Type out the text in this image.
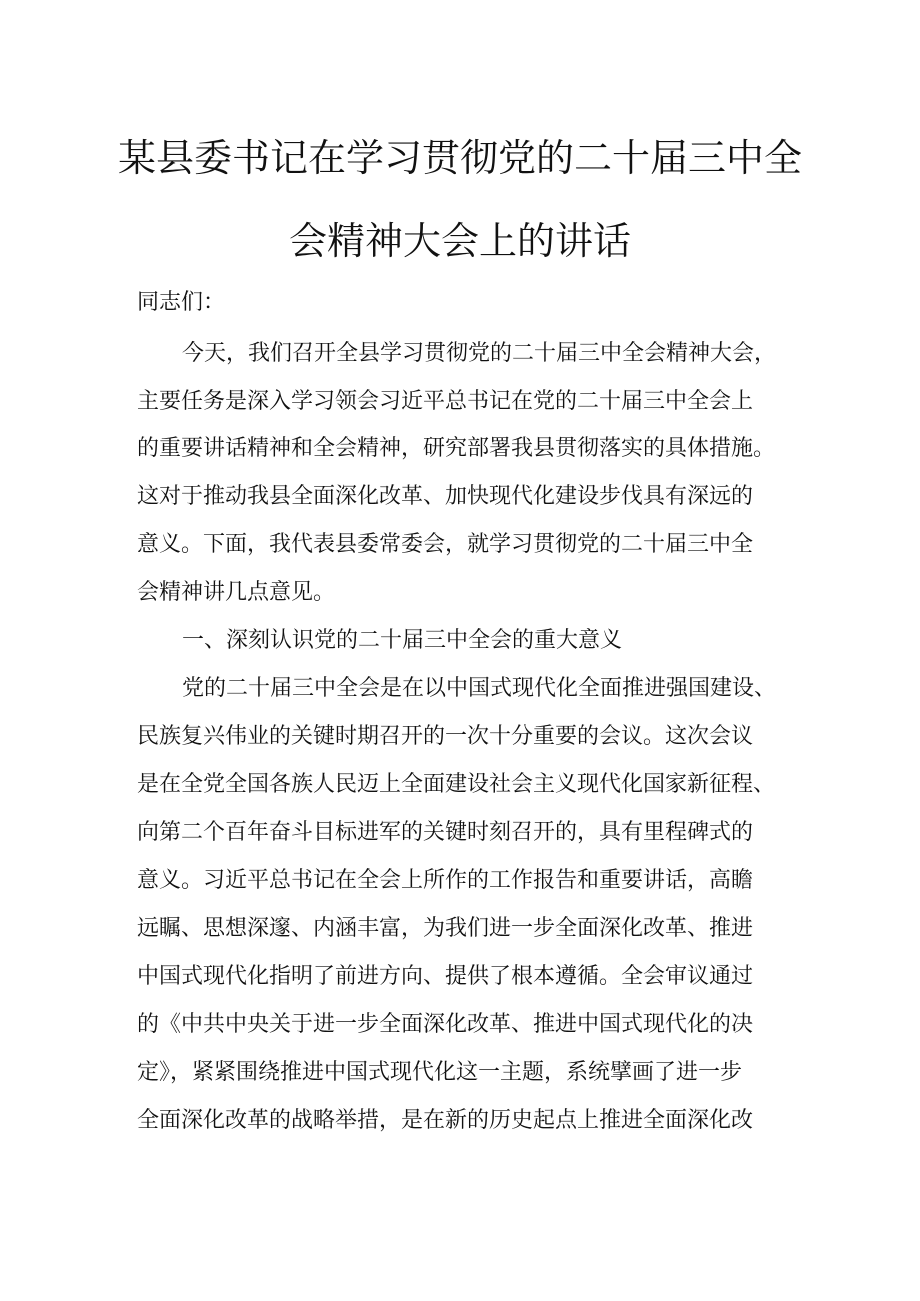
某县委书记在学习贯彻党的二十届三中全
会精神大会上的讲话
同志们：
今天，我们召开全县学习贯彻党的二十届三中全会精神大会，
主要任务是深入学习领会习近平总书记在党的二十届三中全会上
的重要讲话精神和全会精神，研究部署我县贯彻落实的具体措施。
这对于推动我县全面深化改革、加快现代化建设步伐具有深远的
意义。下面，我代表县委常委会，就学习贯彻党的二十届三中全
会精神讲几点意见。
一、深刻认识党的二十届三中全会的重大意义
党的二十届三中全会是在以中国式现代化全面推进强国建设、
民族复兴伟业的关键时期召开的一次十分重要的会议。这次会议
是在全党全国各族人民迈上全面建设社会主义现代化国家新征程、
向第二个百年奋斗目标进军的关键时刻召开的，具有里程碑式的
意义。习近平总书记在全会上所作的工作报告和重要讲话，高瞻
远瞩、思想深邃、内涵丰富，为我们进一步全面深化改革、推进
中国式现代化指明了前进方向、提供了根本遵循。全会审议通过
的《中共中央关于进一步全面深化改革、推进中国式现代化的决
定》，紧紧围绕推进中国式现代化这一主题，系统擘画了进一步
全面深化改革的战略举措，是在新的历史起点上推进全面深化改
